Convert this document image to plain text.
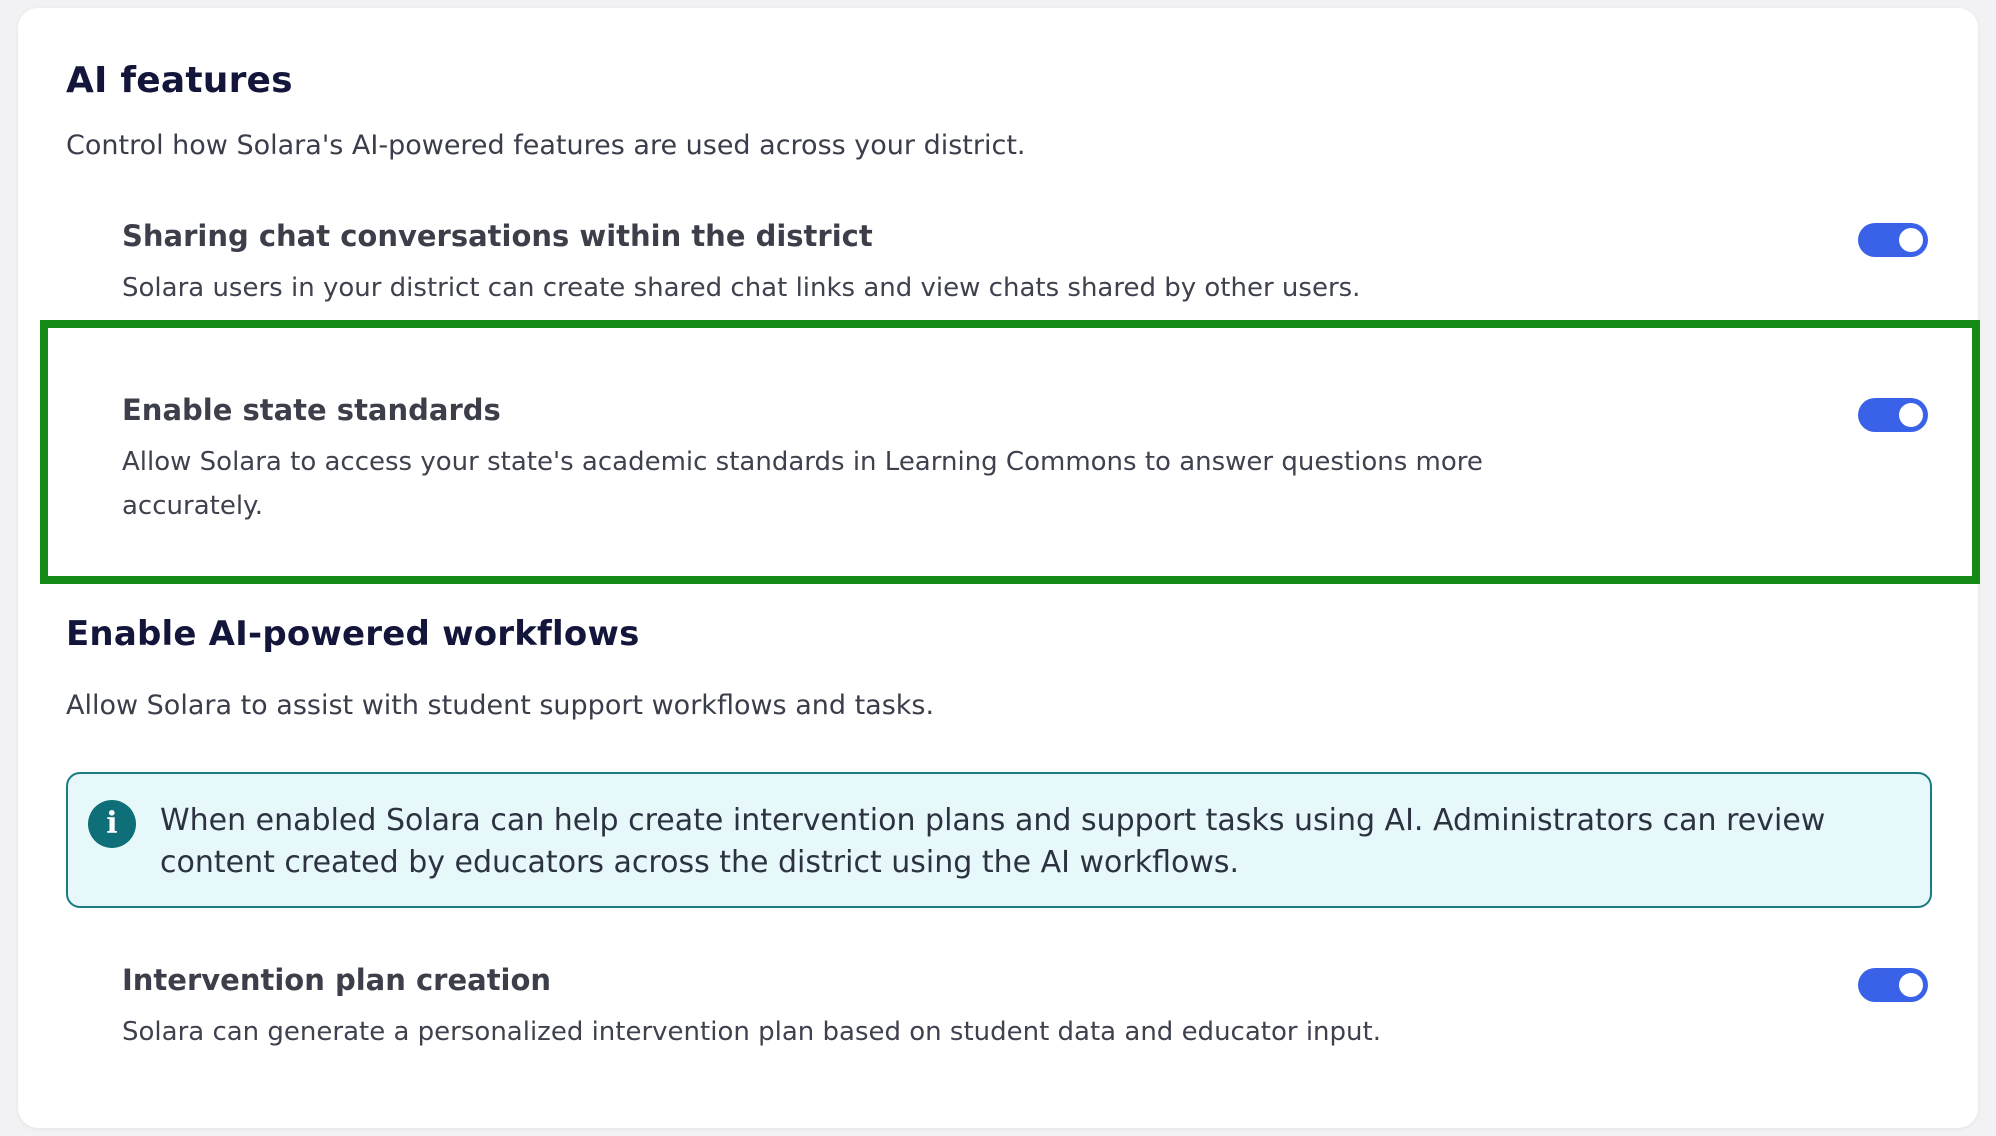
AI features
Control how Solara's AI-powered features are used across your district.
Sharing chat conversations within the district
Solara users in your district can create shared chat links and view chats shared by other users.
Enable state standards
Allow Solara to access your state's academic standards in Learning Commons to answer questions more accurately.
Enable AI-powered workflows
Allow Solara to assist with student support workflows and tasks.
i	When enabled Solara can help create intervention plans and support tasks using AI. Administrators can review content created by educators across the district using the AI workflows.
Intervention plan creation
Solara can generate a personalized intervention plan based on student data and educator input.
